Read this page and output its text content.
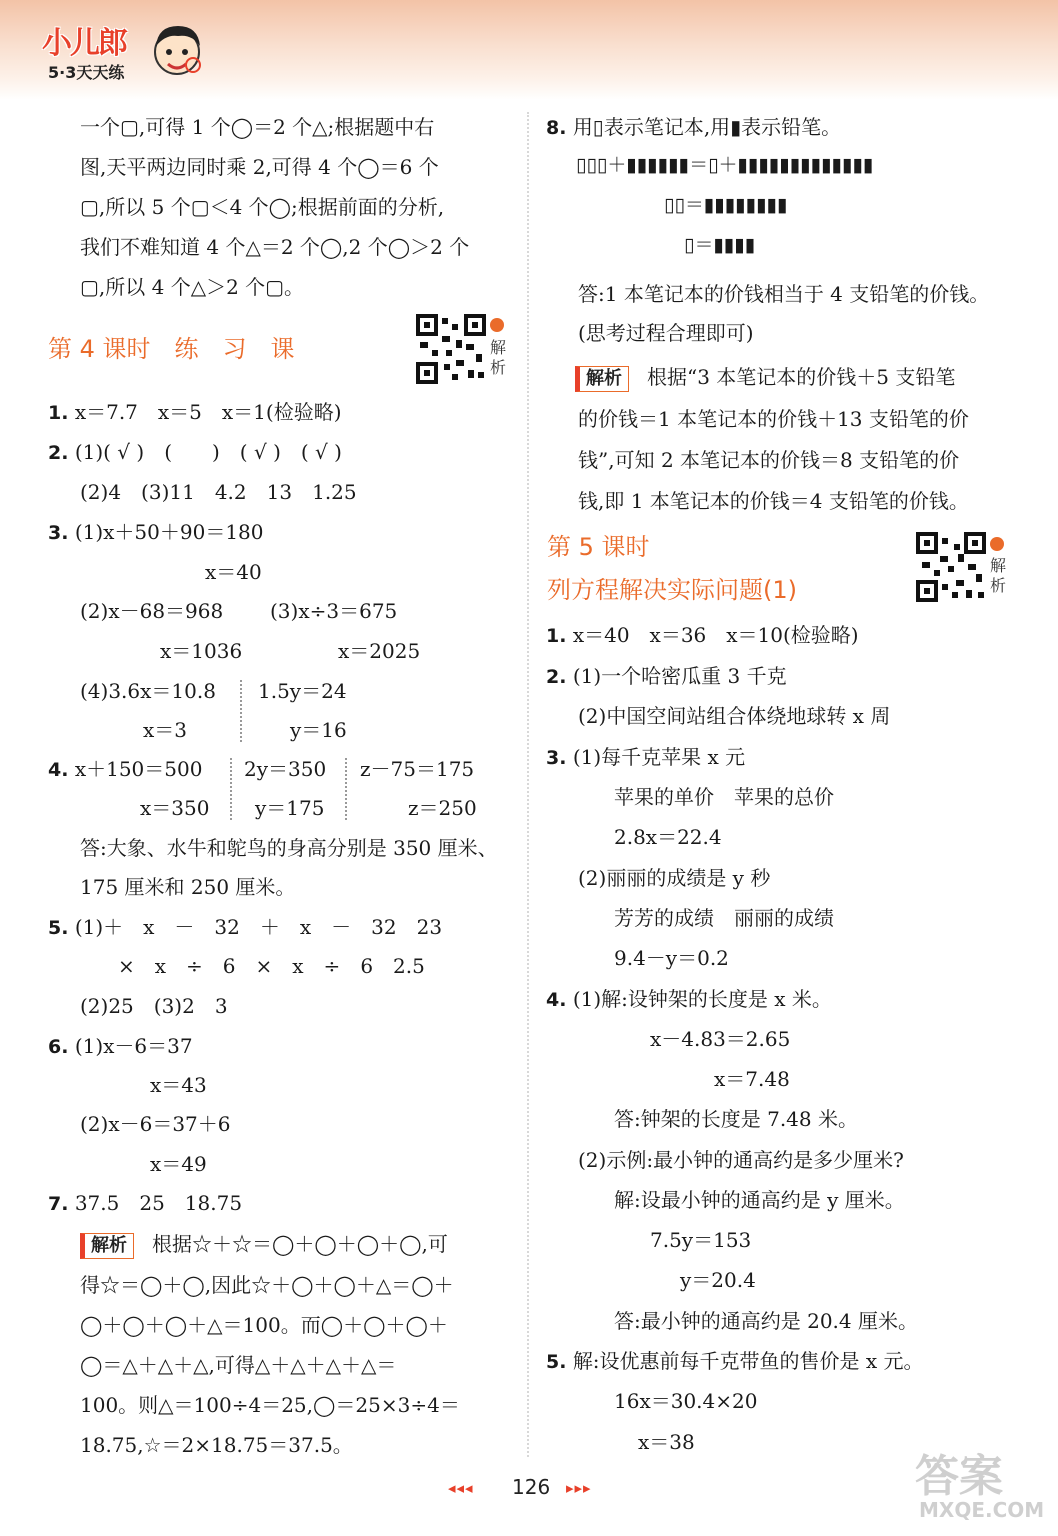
小儿郎
5·3天天练
一个▢,可得 1 个◯＝2 个△;根据题中右
图,天平两边同时乘 2,可得 4 个◯＝6 个
▢,所以 5 个▢＜4 个◯;根据前面的分析,
我们不难知道 4 个△＝2 个◯,2 个◯＞2 个
▢,所以 4 个△＞2 个▢。
第 4 课时　练　习　课	解析
1. x＝7.7　x＝5　x＝1(检验略)
2. (1)( √ )　(　　)　( √ )　( √ )
(2)4　(3)11　4.2　13　1.25
3. (1)x＋50＋90＝180
x＝40
(2)x－68＝968 (3)x÷3＝675
x＝1036	x＝2025
(4)3.6x＝10.8 1.5y＝24
x＝3	y＝16
4. x＋150＝500 2y＝350 z－75＝175
x＝350 y＝175	z＝250
答:大象、水牛和鸵鸟的身高分别是 350 厘米、
175 厘米和 250 厘米。
5. (1)＋　x　－　32　＋　x　－　32　23
×　x　÷　6　×　x　÷　6　2.5
(2)25　(3)2　3
6. (1)x－6＝37
x＝43
(2)x－6＝37＋6
x＝49
7. 37.5　25　18.75
解析 根据☆＋☆＝◯＋◯＋◯＋◯,可
得☆＝◯＋◯,因此☆＋◯＋◯＋△＝◯＋
◯＋◯＋◯＋△＝100。而◯＋◯＋◯＋
◯＝△＋△＋△,可得△＋△＋△＋△＝
100。则△＝100÷4＝25,◯＝25×3÷4＝
18.75,☆＝2×18.75＝37.5。
8. 用▯表示笔记本,用▮表示铅笔。
▯▯▯＋▮▮▮▮▮▮＝▯＋▮▮▮▮▮▮▮▮▮▮▮▮▮
▯▯＝▮▮▮▮▮▮▮▮
▯＝▮▮▮▮
答:1 本笔记本的价钱相当于 4 支铅笔的价钱。
(思考过程合理即可)
解析 根据“3 本笔记本的价钱＋5 支铅笔
的价钱＝1 本笔记本的价钱＋13 支铅笔的价
钱”,可知 2 本笔记本的价钱＝8 支铅笔的价
钱,即 1 本笔记本的价钱＝4 支铅笔的价钱。
第 5 课时
列方程解决实际问题(1)
解析
1. x＝40　x＝36　x＝10(检验略)
2. (1)一个哈密瓜重 3 千克
(2)中国空间站组合体绕地球转 x 周
3. (1)每千克苹果 x 元
苹果的单价　苹果的总价
2.8x＝22.4
(2)丽丽的成绩是 y 秒
芳芳的成绩　丽丽的成绩
9.4－y＝0.2
4. (1)解:设钟架的长度是 x 米。
x－4.83＝2.65
x＝7.48
答:钟架的长度是 7.48 米。
(2)示例:最小钟的通高约是多少厘米?
解:设最小钟的通高约是 y 厘米。
7.5y＝153
y＝20.4
答:最小钟的通高约是 20.4 厘米。
5. 解:设优惠前每千克带鱼的售价是 x 元。
16x＝30.4×20
x＝38
◂◂◂ 126 ▸▸▸	答案
MXQE.COM
